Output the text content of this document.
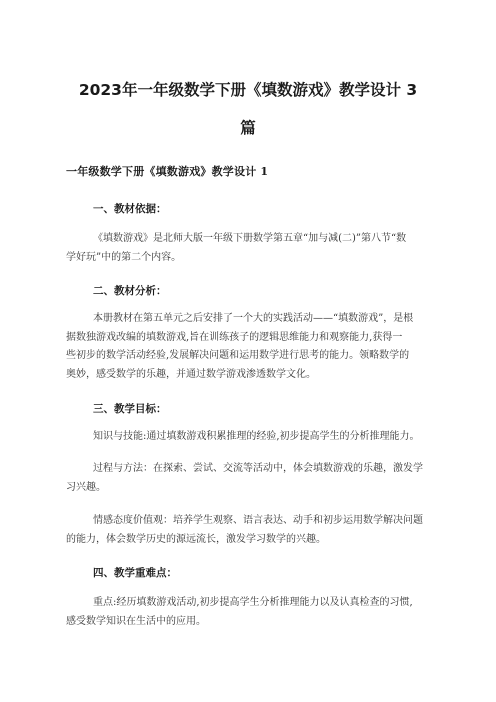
2023年一年级数学下册《填数游戏》教学设计 3
篇
一年级数学下册《填数游戏》教学设计 1
一、教材依据：

《填数游戏》是北师大版一年级下册数学第五章“加与减(二)”第八节“数
学好玩”中的第二个内容。

二、教材分析：

本册教材在第五单元之后安排了一个大的实践活动——“填数游戏”，是根
据数独游戏改编的填数游戏,旨在训练孩子的逻辑思维能力和观察能力,获得一
些初步的数学活动经验,发展解决问题和运用数学进行思考的能力。领略数学的
奥妙，感受数学的乐趣，并通过数学游戏渗透数学文化。

三、教学目标：

知识与技能:通过填数游戏积累推理的经验,初步提高学生的分析推理能力。

过程与方法：在探索、尝试、交流等活动中，体会填数游戏的乐趣，激发学
习兴趣。

情感态度价值观：培养学生观察、语言表达、动手和初步运用数学解决问题
的能力，体会数学历史的源远流长，激发学习数学的兴趣。

四、教学重难点：

重点:经历填数游戏活动,初步提高学生分析推理能力以及认真检查的习惯,
感受数学知识在生活中的应用。
